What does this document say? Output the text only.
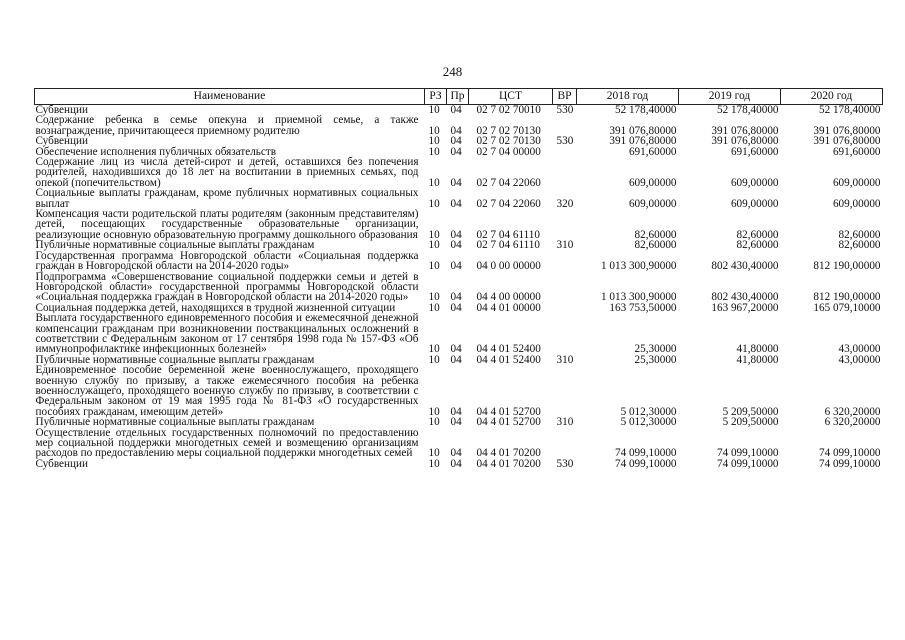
248
Наименование	РЗ	Пр	ЦСТ	ВР	2018 год	2019 год	2020 год
Субвенции	10	04	02 7 02 70010	530	52 178,40000	52 178,40000	52 178,40000
Содержание ребенка в семье опекуна и приемной семье, а также вознаграждение, причитающееся приемному родителю	10	04	02 7 02 70130		391 076,80000	391 076,80000	391 076,80000
Субвенции	10	04	02 7 02 70130	530	391 076,80000	391 076,80000	391 076,80000
Обеспечение исполнения публичных обязательств	10	04	02 7 04 00000		691,60000	691,60000	691,60000
Содержание лиц из числа детей-сирот и детей, оставшихся без попечения родителей, находившихся до 18 лет на воспитании в приемных семьях, под опекой (попечительством)	10	04	02 7 04 22060		609,00000	609,00000	609,00000
Социальные выплаты гражданам, кроме публичных нормативных социальных выплат	10	04	02 7 04 22060	320	609,00000	609,00000	609,00000
Компенсация части родительской платы родителям (законным представителям) детей, посещающих государственные образовательные организации, реализующие основную образовательную программу дошкольного образования	10	04	02 7 04 61110		82,60000	82,60000	82,60000
Публичные нормативные социальные выплаты гражданам	10	04	02 7 04 61110	310	82,60000	82,60000	82,60000
Государственная программа Новгородской области «Социальная поддержка граждан в Новгородской области на 2014-2020 годы»	10	04	04 0 00 00000		1 013 300,90000	802 430,40000	812 190,00000
Подпрограмма «Совершенствование социальной поддержки семьи и детей в Новгородской области» государственной программы Новгородской области «Социальная поддержка граждан в Новгородской области на 2014-2020 годы»	10	04	04 4 00 00000		1 013 300,90000	802 430,40000	812 190,00000
Социальная поддержка детей, находящихся в трудной жизненной ситуации	10	04	04 4 01 00000		163 753,50000	163 967,20000	165 079,10000
Выплата государственного единовременного пособия и ежемесячной денежной компенсации гражданам при возникновении поствакцинальных осложнений в соответствии с Федеральным законом от 17 сентября 1998 года № 157-ФЗ «Об иммунопрофилактике инфекционных болезней»	10	04	04 4 01 52400		25,30000	41,80000	43,00000
Публичные нормативные социальные выплаты гражданам	10	04	04 4 01 52400	310	25,30000	41,80000	43,00000
Единовременное пособие беременной жене военнослужащего, проходящего военную службу по призыву, а также ежемесячного пособия на ребенка военнослужащего, проходящего военную службу по призыву, в соответствии с Федеральным законом от 19 мая 1995 года № 81-ФЗ «О государственных пособиях гражданам, имеющим детей»	10	04	04 4 01 52700		5 012,30000	5 209,50000	6 320,20000
Публичные нормативные социальные выплаты гражданам	10	04	04 4 01 52700	310	5 012,30000	5 209,50000	6 320,20000
Осуществление отдельных государственных полномочий по предоставлению мер социальной поддержки многодетных семей и возмещению организациям расходов по предоставлению меры социальной поддержки многодетных семей	10	04	04 4 01 70200		74 099,10000	74 099,10000	74 099,10000
Субвенции	10	04	04 4 01 70200	530	74 099,10000	74 099,10000	74 099,10000
